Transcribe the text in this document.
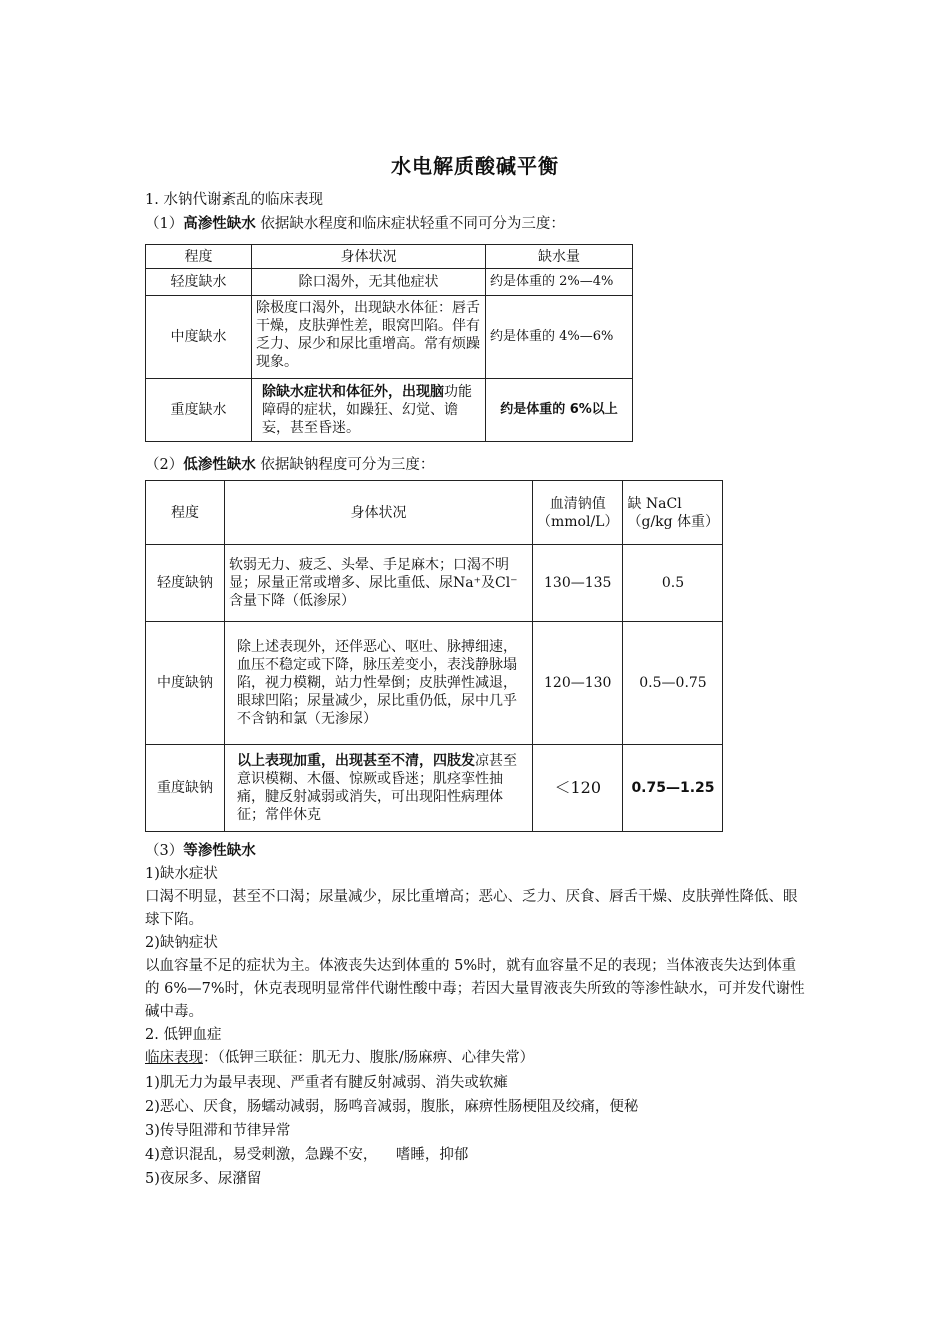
水电解质酸碱平衡
1. 水钠代谢紊乱的临床表现
（1）高渗性缺水 依据缺水程度和临床症状轻重不同可分为三度：
程度	身体状况	缺水量
轻度缺水	除口渴外，无其他症状	约是体重的 2%—4%
中度缺水	除极度口渴外，出现缺水体征：唇舌干燥，皮肤弹性差，眼窝凹陷。伴有乏力、尿少和尿比重增高。常有烦躁现象。	约是体重的 4%—6%
重度缺水	除缺水症状和体征外，出现脑功能障碍的症状，如躁狂、幻觉、谵妄，甚至昏迷。	约是体重的 6%以上
（2）低渗性缺水 依据缺钠程度可分为三度：
程度	身体状况	血清钠值（mmol/L）	缺 NaCl（g/kg 体重）
轻度缺钠	软弱无力、疲乏、头晕、手足麻木；口渴不明显；尿量正常或增多、尿比重低、尿Na⁺及Cl⁻含量下降（低渗尿）	130—135	0.5
中度缺钠	除上述表现外，还伴恶心、呕吐、脉搏细速，血压不稳定或下降，脉压差变小，表浅静脉塌陷，视力模糊，站力性晕倒；皮肤弹性减退，眼球凹陷；尿量减少，尿比重仍低，尿中几乎不含钠和氯（无渗尿）	120—130	0.5—0.75
重度缺钠	以上表现加重，出现甚至不清，四肢发凉甚至意识模糊、木僵、惊厥或昏迷；肌痉挛性抽痛，腱反射减弱或消失，可出现阳性病理体征；常伴休克	＜120	0.75—1.25
（3）等渗性缺水
1)缺水症状
口渴不明显，甚至不口渴；尿量减少，尿比重增高；恶心、乏力、厌食、唇舌干燥、皮肤弹性降低、眼球下陷。
2)缺钠症状
以血容量不足的症状为主。体液丧失达到体重的 5%时，就有血容量不足的表现；当体液丧失达到体重的 6%—7%时，休克表现明显常伴代谢性酸中毒；若因大量胃液丧失所致的等渗性缺水，可并发代谢性碱中毒。
2. 低钾血症
临床表现：（低钾三联征：肌无力、腹胀/肠麻痹、心律失常）
1)肌无力为最早表现、严重者有腱反射减弱、消失或软瘫
2)恶心、厌食，肠蠕动减弱，肠鸣音减弱，腹胀，麻痹性肠梗阻及绞痛，便秘
3)传导阻滞和节律异常
4)意识混乱，易受刺激，急躁不安，    嗜睡，抑郁
5)夜尿多、尿潴留
